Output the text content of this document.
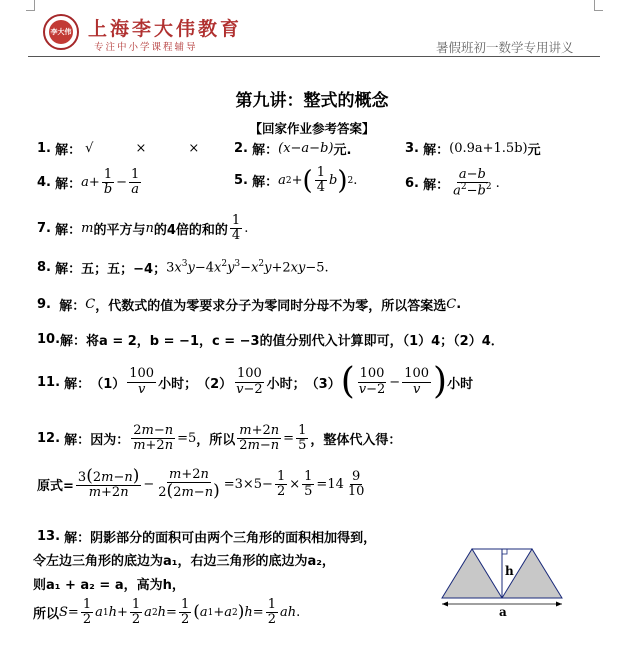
李大伟 上海李大伟教育
专注中小学课程辅导	暑假班初一数学专用讲义
第九讲：整式的概念
【回家作业参考答案】
1.
解： √	×	×	2.
解： (x−a−b) 元.	3.
解： (0.9a+1.5b) 元
4.
解： $a + \frac{1}{b} - \frac{1}{a}$	5.
解： a 2 + ( $\frac{1}{4}$ b ) 2 .	6.
解： $\frac{a-b}{a^2-b^2}$ .
7.
解： m 的平方与 n 的4倍的和的 $\frac{1}{4}$ .
8.
解： 五；五；−4； $3x^3y-4x^2y^3-x^2y+2xy-5$.
9.
解： C ，代数式的值为零要求分子为零同时分母不为零，所以答案选 C .
10. 解： 将a = 2，b = −1，c = −3的值分别代入计算即可，（1）4；（2）4．
11.
解： $(1) \frac{100}{v}$ 小时； $(2) \frac{100}{v-2}$ 小时； （3） ( $\frac{100}{v-2} - \frac{100}{v}$ ) 小时
12.
解： 因为： $\frac{2m-n}{m+2n} =5$ ，所以 $\frac{m+2n}{2m-n} = \frac{1}{5}$ ，整体代入得：
原式= $\frac{3(2m-n)}{m+2n} - \frac{m+2n}{2(2m-n)} =3\times 5- \frac{1}{2} \times \frac{1}{5} =14 \frac{9}{10}$
13.
解：阴影部分的面积可由两个三角形的面积相加得到，
令左边三角形的底边为a₁，右边三角形的底边为a₂，
则a₁ + a₂ = a，高为h，
所以 $S = \frac{1}{2}$ a 1 $h + \frac{1}{2}$ a 2 $h = \frac{1}{2}$ ( a 1 + a 2 ) $h = \frac{1}{2}$ ah .
h
a
